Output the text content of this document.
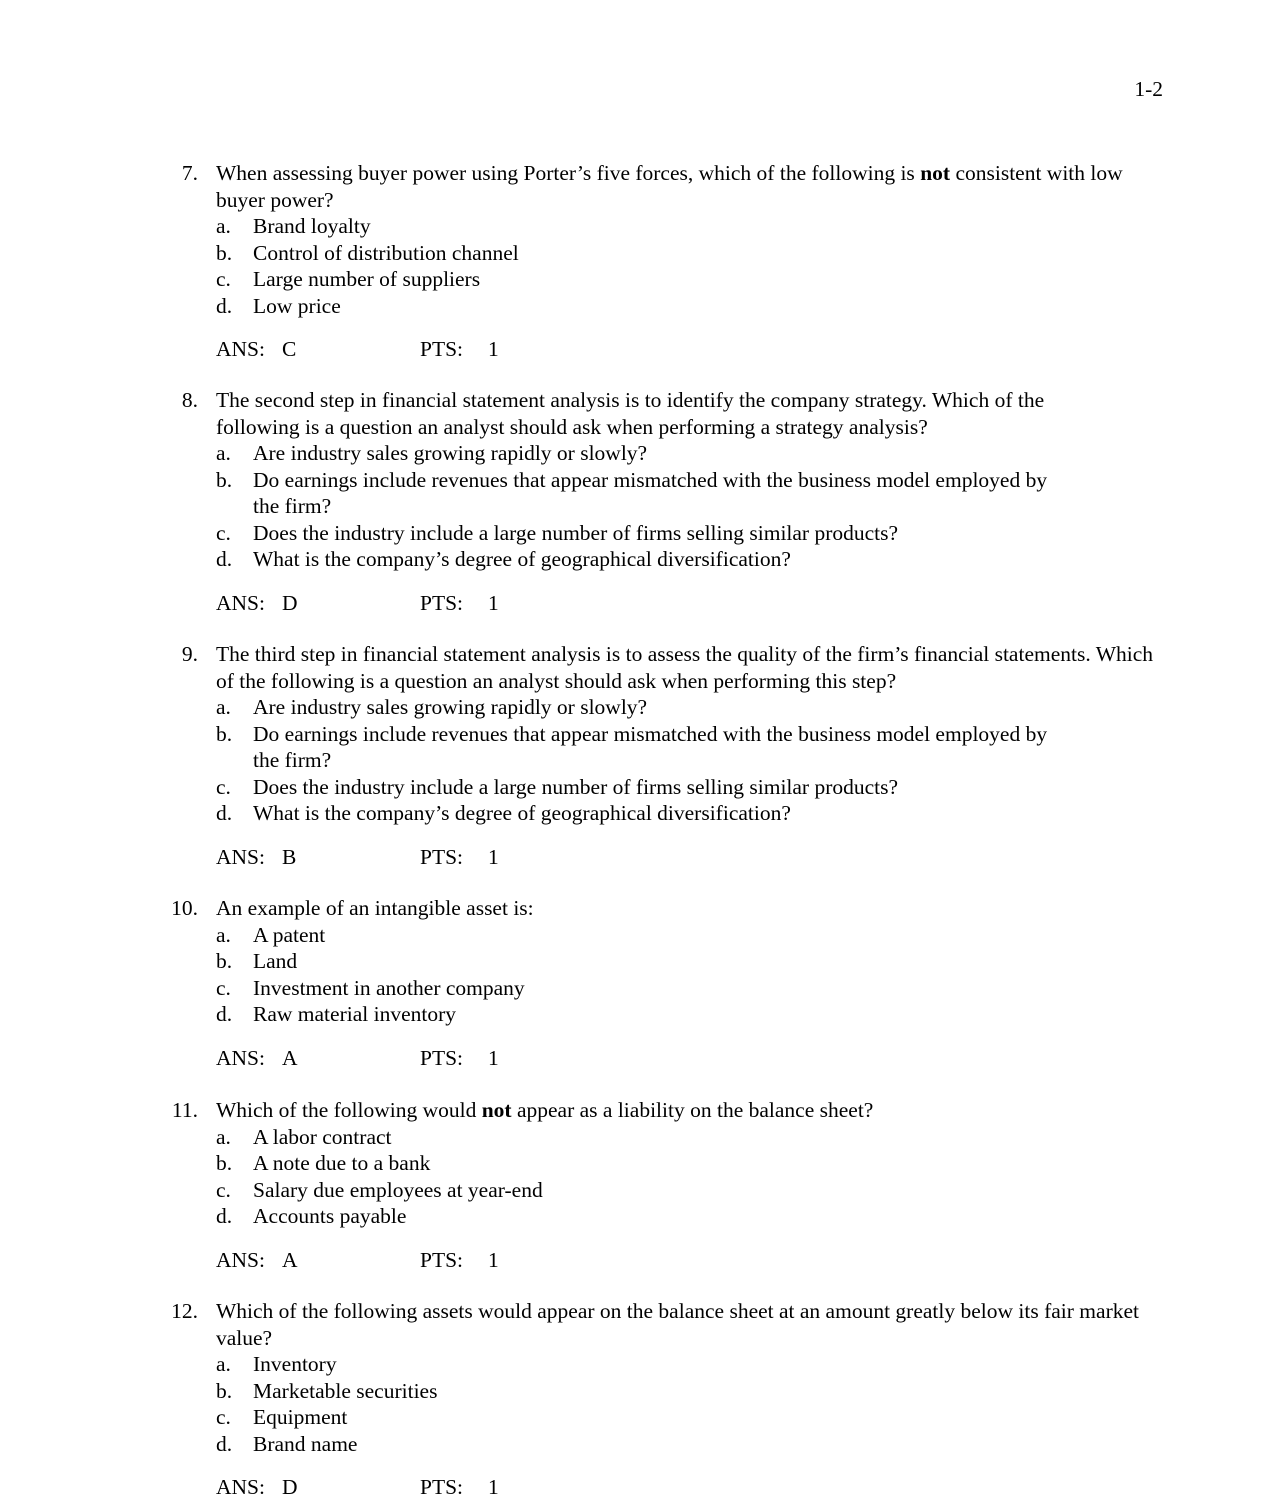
1-2
7. When assessing buyer power using Porter’s five forces, which of the following is not consistent with low buyer power?
a.	Brand loyalty
b. Control of distribution channel
c.	Large number of suppliers
d. Low price
ANS: C	PTS: 1
8. The second step in financial statement analysis is to identify the company strategy. Which of the following is a question an analyst should ask when performing a strategy analysis?
a.	Are industry sales growing rapidly or slowly?
b. Do earnings include revenues that appear mismatched with the business model employed by the firm?
c.	Does the industry include a large number of firms selling similar products?
d. What is the company’s degree of geographical diversification?
ANS: D	PTS: 1
9. The third step in financial statement analysis is to assess the quality of the firm’s financial statements. Which of the following is a question an analyst should ask when performing this step?
a.	Are industry sales growing rapidly or slowly?
b. Do earnings include revenues that appear mismatched with the business model employed by the firm?
c.	Does the industry include a large number of firms selling similar products?
d. What is the company’s degree of geographical diversification?
ANS: B	PTS: 1
10. An example of an intangible asset is:
a.	A patent
b. Land
c.	Investment in another company
d. Raw material inventory
ANS: A	PTS: 1
11. Which of the following would not appear as a liability on the balance sheet?
a.	A labor contract
b. A note due to a bank
c.	Salary due employees at year-end
d. Accounts payable
ANS: A	PTS: 1
12. Which of the following assets would appear on the balance sheet at an amount greatly below its fair market value?
a.	Inventory
b. Marketable securities
c.	Equipment
d. Brand name
ANS: D	PTS: 1
